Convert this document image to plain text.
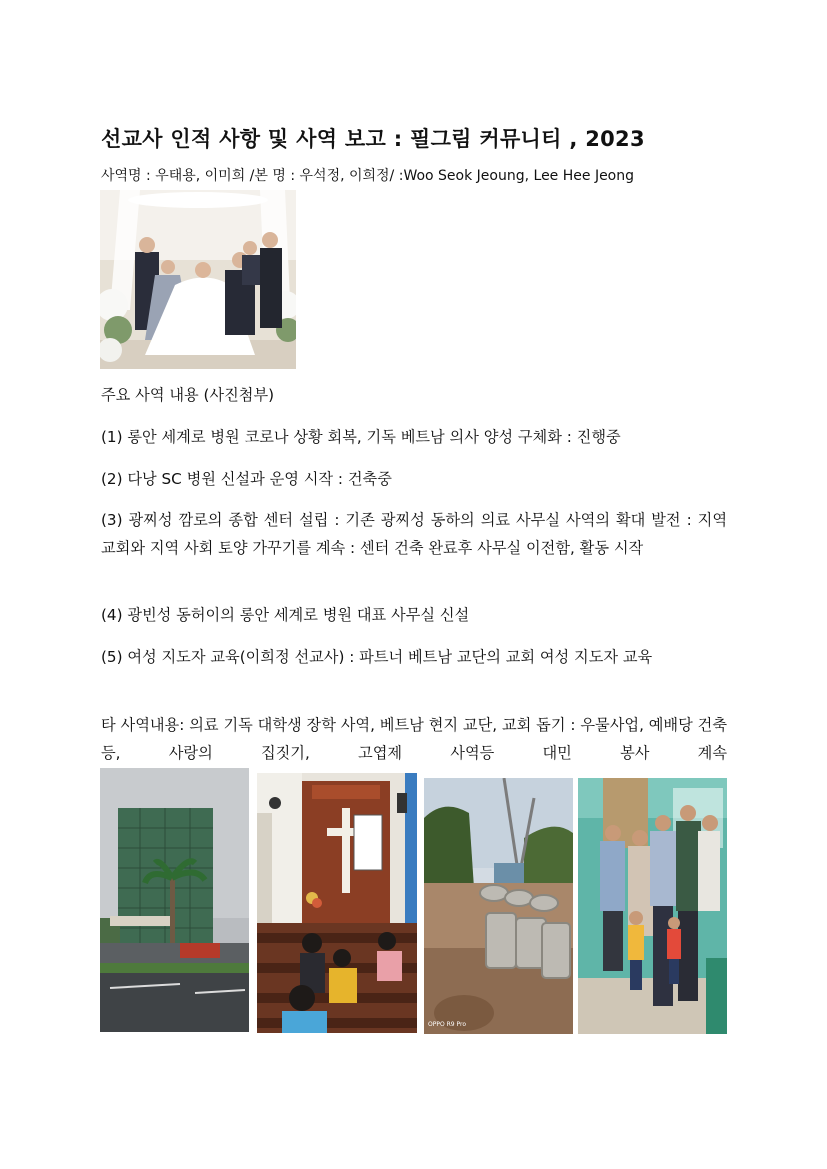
선교사 인적 사항 및 사역 보고 : 필그림 커뮤니티 , 2023
사역명 : 우태용, 이미희 /본 명 : 우석정, 이희정/ :Woo Seok Jeoung, Lee Hee Jeong
주요 사역 내용 (사진첨부)
(1) 롱안 세계로 병원 코로나 상황 회복, 기독 베트남 의사 양성 구체화 : 진행중
(2) 다낭 SC 병원 신설과 운영 시작 : 건축중
(3) 광찌성 깜로의 종합 센터 설립 : 기존 광찌성 동하의 의료 사무실 사역의 확대 발전 : 지역 교회와 지역 사회 토양 가꾸기를 계속 : 센터 건축 완료후 사무실 이전함, 활동 시작
(4) 광빈성 동허이의 롱안 세계로 병원 대표 사무실 신설
(5) 여성 지도자 교육(이희정 선교사) : 파트너 베트남 교단의 교회 여성 지도자 교육
타 사역내용: 의료 기독 대학생 장학 사역, 베트남 현지 교단, 교회 돕기 : 우물사업, 예배당 건축등, 사랑의 집짓기, 고엽제 사역등 대민 봉사 계속
OPPO R9 Pro
